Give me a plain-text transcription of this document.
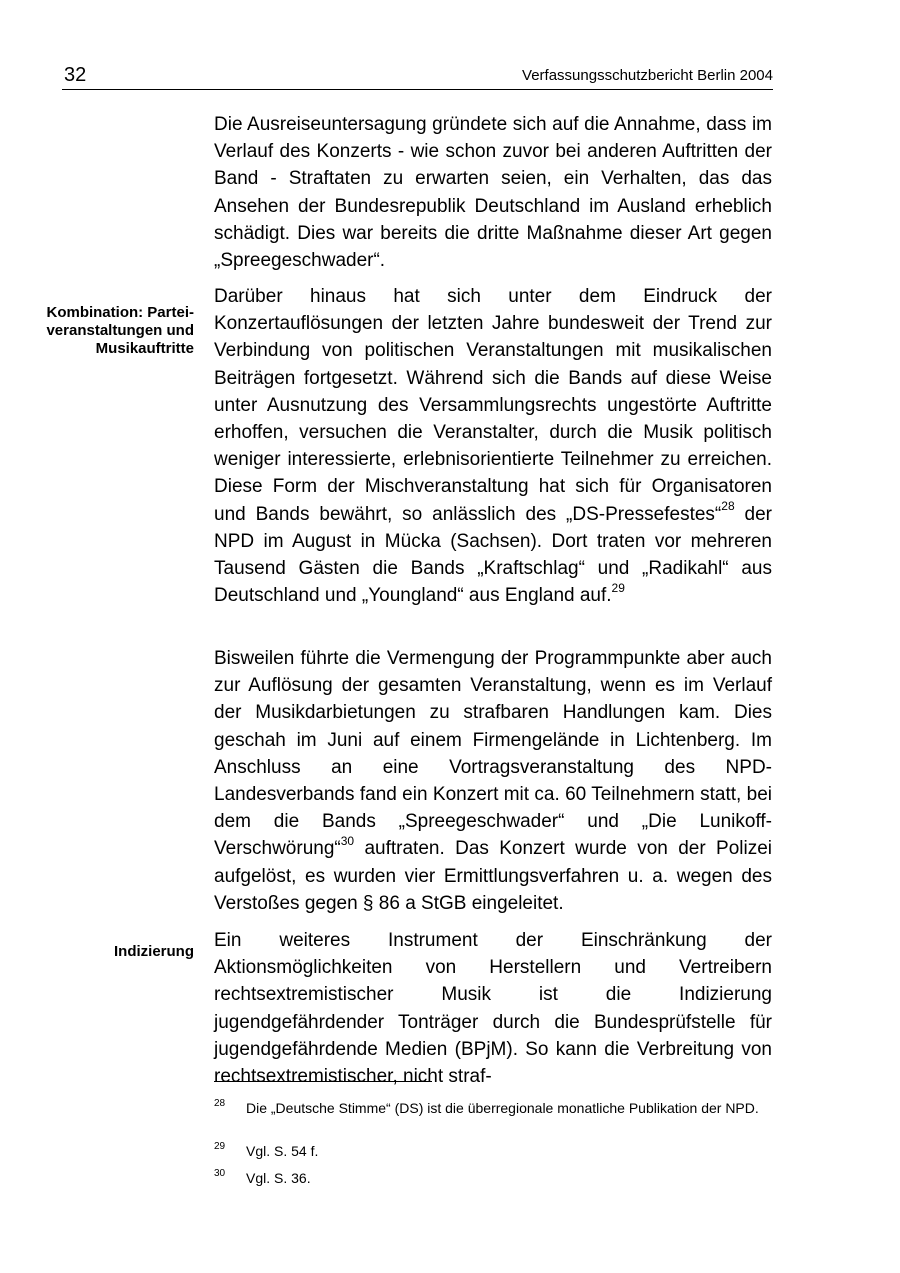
32	Verfassungsschutzbericht Berlin 2004

Kombination: Partei-veranstaltungen und Musikauftritte

Indizierung

Die Ausreiseuntersagung gründete sich auf die Annahme, dass im Verlauf des Konzerts - wie schon zuvor bei anderen Auftritten der Band - Straftaten zu erwarten seien, ein Verhalten, das das Ansehen der Bundesrepublik Deutschland im Ausland erheblich schädigt. Dies war bereits die dritte Maßnahme dieser Art gegen „Spreegeschwader“.

Darüber hinaus hat sich unter dem Eindruck der Konzertauflösungen der letzten Jahre bundesweit der Trend zur Verbindung von politischen Veranstaltungen mit musikalischen Beiträgen fortgesetzt. Während sich die Bands auf diese Weise unter Ausnutzung des Versammlungsrechts ungestörte Auftritte erhoffen, versuchen die Veranstalter, durch die Musik politisch weniger interessierte, erlebnisorientierte Teilnehmer zu erreichen. Diese Form der Mischveranstaltung hat sich für Organisatoren und Bands bewährt, so anlässlich des „DS-Pressefestes“$^{28}$ der NPD im August in Mücka (Sachsen). Dort traten vor mehreren Tausend Gästen die Bands „Kraftschlag“ und „Radikahl“ aus Deutschland und „Youngland“ aus England auf.$^{29}$

Bisweilen führte die Vermengung der Programmpunkte aber auch zur Auflösung der gesamten Veranstaltung, wenn es im Verlauf der Musikdarbietungen zu strafbaren Handlungen kam. Dies geschah im Juni auf einem Firmengelände in Lichtenberg. Im Anschluss an eine Vortragsveranstaltung des NPD-Landesverbands fand ein Konzert mit ca. 60 Teilnehmern statt, bei dem die Bands „Spreegeschwader“ und „Die Lunikoff-Verschwörung“$^{30}$ auftraten. Das Konzert wurde von der Polizei aufgelöst, es wurden vier Ermittlungsverfahren u. a. wegen des Verstoßes gegen § 86 a StGB eingeleitet.

Ein weiteres Instrument der Einschränkung der Aktionsmöglichkeiten von Herstellern und Vertreibern rechtsextremistischer Musik ist die Indizierung jugendgefährdender Tonträger durch die Bundesprüfstelle für jugendgefährdende Medien (BPjM). So kann die Verbreitung von rechtsextremistischer, nicht straf-

28 Die „Deutsche Stimme“ (DS) ist die überregionale monatliche Publikation der NPD.
29 Vgl. S. 54 f.
30 Vgl. S. 36.
